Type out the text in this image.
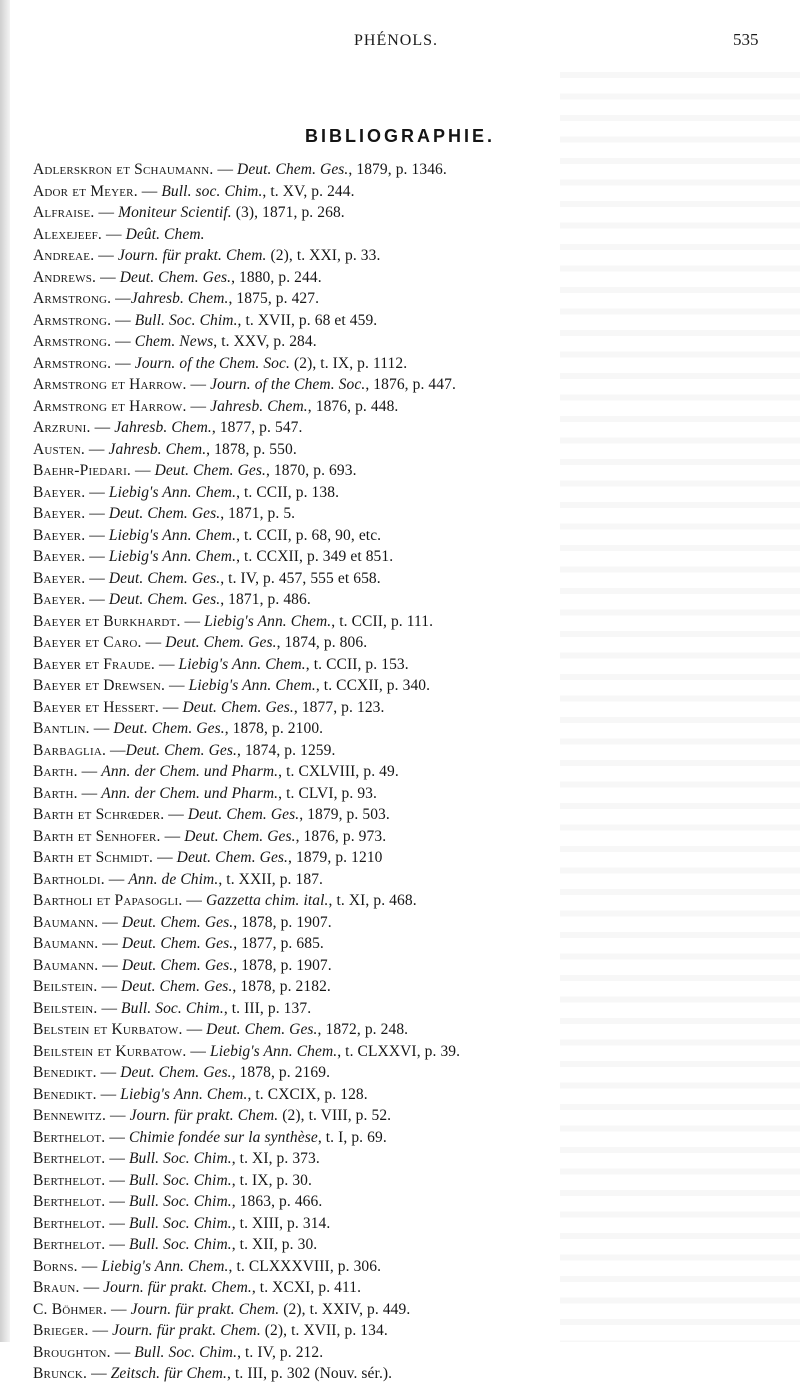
PHÉNOLS.	535
BIBLIOGRAPHIE.
Adlerskron et Schaumann. — Deut. Chem. Ges., 1879, p. 1346.
Ador et Meyer. — Bull. soc. Chim., t. XV, p. 244.
Alfraise. — Moniteur Scientif. (3), 1871, p. 268.
Alexejeef. — Deût. Chem.
Andreae. — Journ. für prakt. Chem. (2), t. XXI, p. 33.
Andrews. — Deut. Chem. Ges., 1880, p. 244.
Armstrong. —Jahresb. Chem., 1875, p. 427.
Armstrong. — Bull. Soc. Chim., t. XVII, p. 68 et 459.
Armstrong. — Chem. News, t. XXV, p. 284.
Armstrong. — Journ. of the Chem. Soc. (2), t. IX, p. 1112.
Armstrong et Harrow. — Journ. of the Chem. Soc., 1876, p. 447.
Armstrong et Harrow. — Jahresb. Chem., 1876, p. 448.
Arzruni. — Jahresb. Chem., 1877, p. 547.
Austen. — Jahresb. Chem., 1878, p. 550.
Baehr-Piedari. — Deut. Chem. Ges., 1870, p. 693.
Baeyer. — Liebig's Ann. Chem., t. CCII, p. 138.
Baeyer. — Deut. Chem. Ges., 1871, p. 5.
Baeyer. — Liebig's Ann. Chem., t. CCII, p. 68, 90, etc.
Baeyer. — Liebig's Ann. Chem., t. CCXII, p. 349 et 851.
Baeyer. — Deut. Chem. Ges., t. IV, p. 457, 555 et 658.
Baeyer. — Deut. Chem. Ges., 1871, p. 486.
Baeyer et Burkhardt. — Liebig's Ann. Chem., t. CCII, p. 111.
Baeyer et Caro. — Deut. Chem. Ges., 1874, p. 806.
Baeyer et Fraude. — Liebig's Ann. Chem., t. CCII, p. 153.
Baeyer et Drewsen. — Liebig's Ann. Chem., t. CCXII, p. 340.
Baeyer et Hessert. — Deut. Chem. Ges., 1877, p. 123.
Bantlin. — Deut. Chem. Ges., 1878, p. 2100.
Barbaglia. —Deut. Chem. Ges., 1874, p. 1259.
Barth. — Ann. der Chem. und Pharm., t. CXLVIII, p. 49.
Barth. — Ann. der Chem. und Pharm., t. CLVI, p. 93.
Barth et Schrœder. — Deut. Chem. Ges., 1879, p. 503.
Barth et Senhofer. — Deut. Chem. Ges., 1876, p. 973.
Barth et Schmidt. — Deut. Chem. Ges., 1879, p. 1210
Bartholdi. — Ann. de Chim., t. XXII, p. 187.
Bartholi et Papasogli. — Gazzetta chim. ital., t. XI, p. 468.
Baumann. — Deut. Chem. Ges., 1878, p. 1907.
Baumann. — Deut. Chem. Ges., 1877, p. 685.
Baumann. — Deut. Chem. Ges., 1878, p. 1907.
Beilstein. — Deut. Chem. Ges., 1878, p. 2182.
Beilstein. — Bull. Soc. Chim., t. III, p. 137.
Belstein et Kurbatow. — Deut. Chem. Ges., 1872, p. 248.
Beilstein et Kurbatow. — Liebig's Ann. Chem., t. CLXXVI, p. 39.
Benedikt. — Deut. Chem. Ges., 1878, p. 2169.
Benedikt. — Liebig's Ann. Chem., t. CXCIX, p. 128.
Bennewitz. — Journ. für prakt. Chem. (2), t. VIII, p. 52.
Berthelot. — Chimie fondée sur la synthèse, t. I, p. 69.
Berthelot. — Bull. Soc. Chim., t. XI, p. 373.
Berthelot. — Bull. Soc. Chim., t. IX, p. 30.
Berthelot. — Bull. Soc. Chim., 1863, p. 466.
Berthelot. — Bull. Soc. Chim., t. XIII, p. 314.
Berthelot. — Bull. Soc. Chim., t. XII, p. 30.
Borns. — Liebig's Ann. Chem., t. CLXXXVIII, p. 306.
Braun. — Journ. für prakt. Chem., t. XCXI, p. 411.
C. Böhmer. — Journ. für prakt. Chem. (2), t. XXIV, p. 449.
Brieger. — Journ. für prakt. Chem. (2), t. XVII, p. 134.
Broughton. — Bull. Soc. Chim., t. IV, p. 212.
Brunck. — Zeitsch. für Chem., t. III, p. 302 (Nouv. sér.).
